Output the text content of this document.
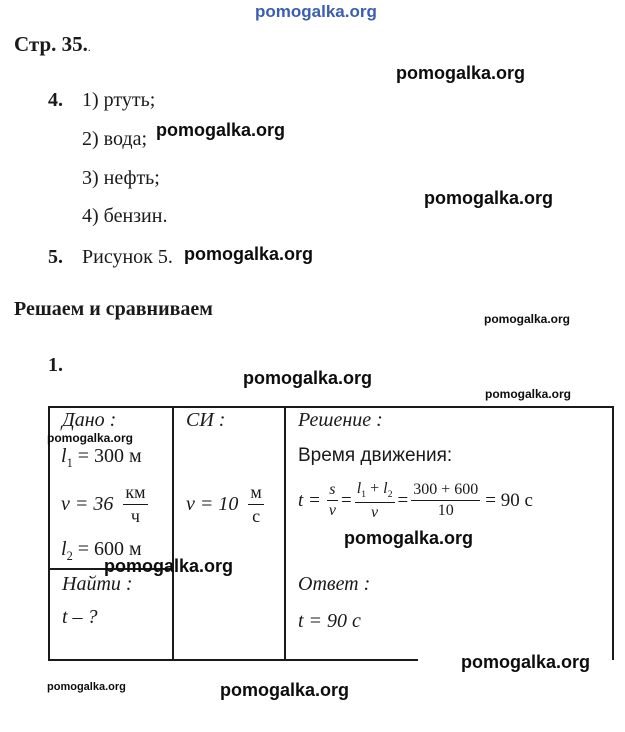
pomogalka.org
Стр. 35..
pomogalka.org
4. 1) ртуть;
2) вода; pomogalka.org
3) нефть;
pomogalka.org
4) бензин.
5. Рисунок 5. pomogalka.org
Решаем и сравниваем	pomogalka.org
1.
pomogalka.org
pomogalka.org
Дано :
pomogalka.org
$l_1 = 300$ м
$v = 36 \frac{км}{ч}$
$l_2 = 600$ м
pomogalka.org
Найти :
t – ?
СИ :
$v = 10 \frac{м}{с}$
Решение :
Время движения:
$t = \frac{s}{v} = \frac{l_1 + l_2}{v} = \frac{300 + 600}{10} = 90$ с
pomogalka.org
Ответ :
t = 90 с
pomogalka.org
pomogalka.org	pomogalka.org
